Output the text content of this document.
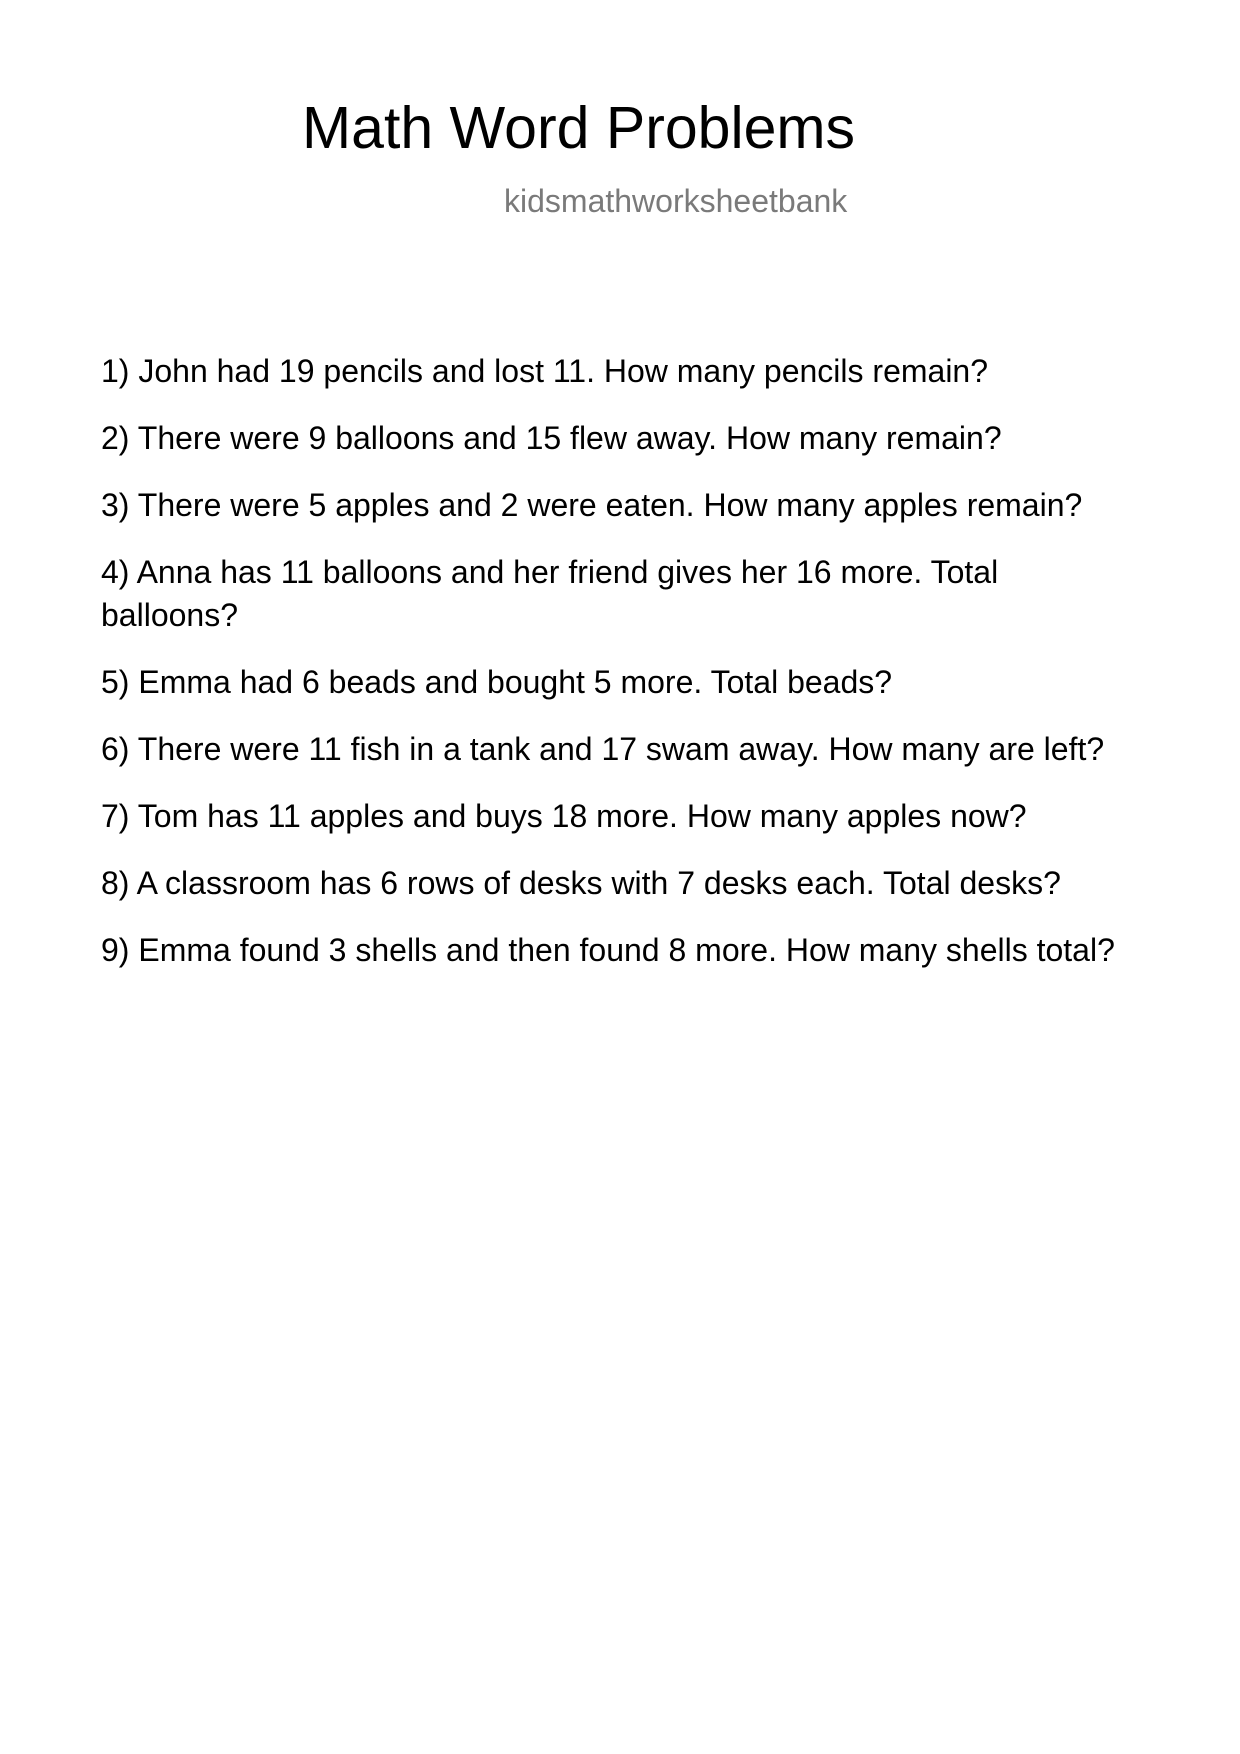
Math Word Problems
kidsmathworksheetbank
1) John had 19 pencils and lost 11. How many pencils remain?
2) There were 9 balloons and 15 flew away. How many remain?
3) There were 5 apples and 2 were eaten. How many apples remain?
4) Anna has 11 balloons and her friend gives her 16 more. Total balloons?
5) Emma had 6 beads and bought 5 more. Total beads?
6) There were 11 fish in a tank and 17 swam away. How many are left?
7) Tom has 11 apples and buys 18 more. How many apples now?
8) A classroom has 6 rows of desks with 7 desks each. Total desks?
9) Emma found 3 shells and then found 8 more. How many shells total?
